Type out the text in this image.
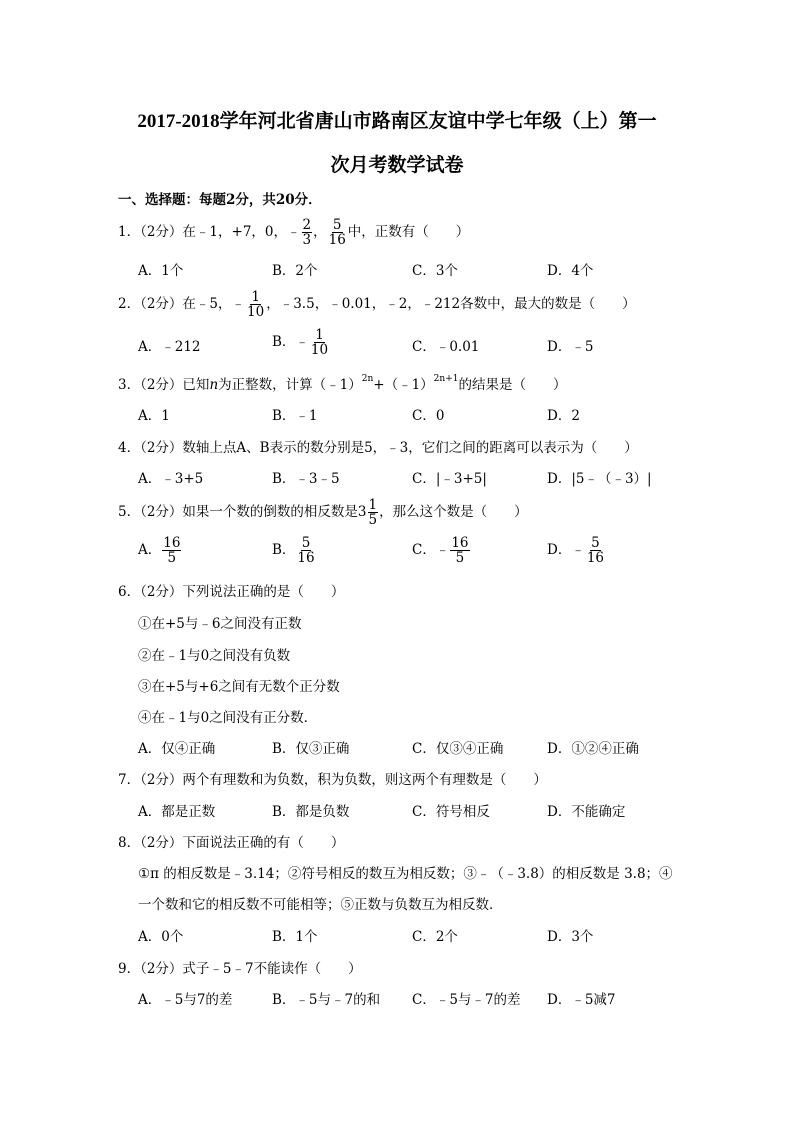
2017-2018学年河北省唐山市路南区友谊中学七年级（上）第一
次月考数学试卷
一、选择题：每题2分，共20分．
1．（2分）在﹣1，+7，0，﹣ $\frac{2}{3}$ ， $\frac{5}{16}$ 中，正数有（　　）
A．1个	B．2个	C．3个	D．4个
2．（2分）在﹣5，﹣ $\frac{1}{10}$ ，﹣3.5，﹣0.01，﹣2，﹣212各数中，最大的数是（　　）
A．﹣212	B．﹣ $\frac{1}{10}$	C．﹣0.01	D．﹣5
3．（2分）已知n为正整数，计算（﹣1）$^{2n}$+（﹣1）$^{2n+1}$的结果是（　　）
A．1	B．﹣1	C．0	D．2
4．（2分）数轴上点A、B表示的数分别是5，﹣3，它们之间的距离可以表示为（　　）
A．﹣3+5	B．﹣3﹣5	C．|﹣3+5|	D．|5﹣（﹣3）|
5．（2分）如果一个数的倒数的相反数是$3 \frac{1}{5}$ ，那么这个数是（　　）
A． $\frac{16}{5}$	B． $\frac{5}{16}$	C．﹣ $\frac{16}{5}$	D．﹣ $\frac{5}{16}$
6．（2分）下列说法正确的是（　　）
①在+5与﹣6之间没有正数
②在﹣1与0之间没有负数
③在+5与+6之间有无数个正分数
④在﹣1与0之间没有正分数．
A．仅④正确	B．仅③正确	C．仅③④正确	D．①②④正确
7．（2分）两个有理数和为负数，积为负数，则这两个有理数是（　　）
A．都是正数	B．都是负数	C．符号相反	D．不能确定
8．（2分）下面说法正确的有（　　）
①π 的相反数是﹣3.14；②符号相反的数互为相反数；③﹣（﹣3.8）的相反数是 3.8；④
一个数和它的相反数不可能相等；⑤正数与负数互为相反数．
A．0个	B．1个	C．2个	D．3个
9．（2分）式子﹣5﹣7不能读作（　　）
A．﹣5与7的差	B．﹣5与﹣7的和 C．﹣5与﹣7的差 D．﹣5减7
